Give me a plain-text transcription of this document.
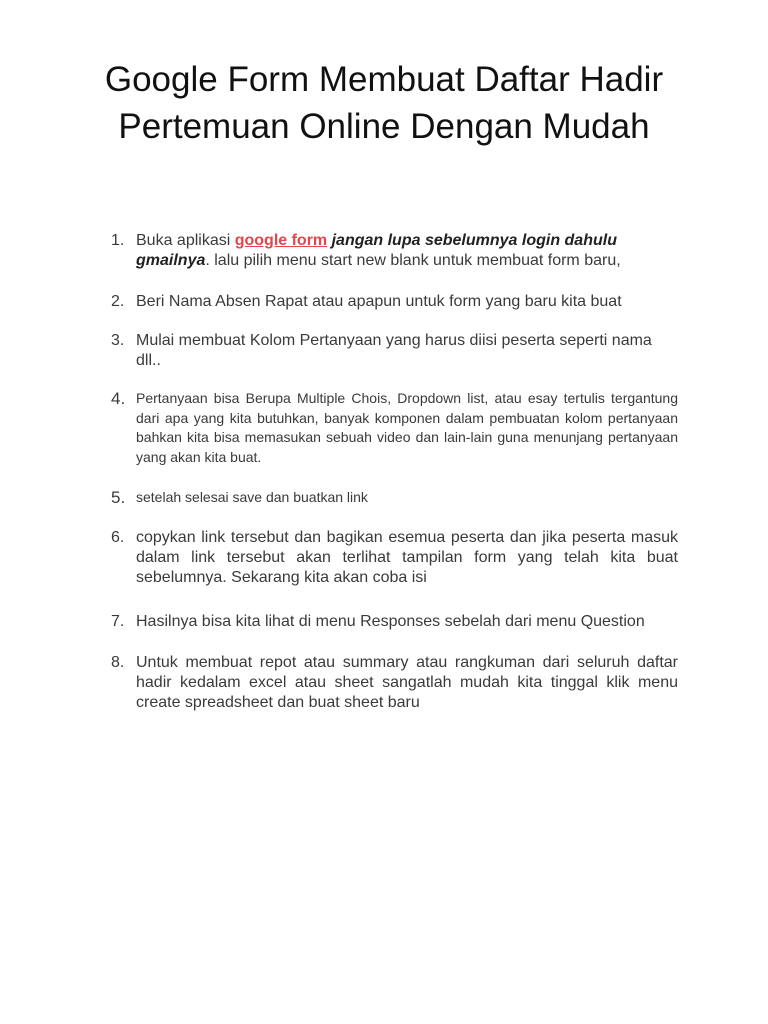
Google Form Membuat Daftar Hadir Pertemuan Online Dengan Mudah
1. Buka aplikasi google form jangan lupa sebelumnya login dahulu gmailnya. lalu pilih menu start new blank untuk membuat form baru,
2. Beri Nama Absen Rapat atau apapun untuk form yang baru kita buat
3. Mulai membuat Kolom Pertanyaan yang harus diisi peserta seperti nama dll..
4. Pertanyaan bisa Berupa Multiple Chois, Dropdown list, atau esay tertulis tergantung dari apa yang kita butuhkan, banyak komponen dalam pembuatan kolom pertanyaan bahkan kita bisa memasukan sebuah video dan lain-lain guna menunjang pertanyaan yang akan kita buat.
5. setelah selesai save dan buatkan link
6. copykan link tersebut dan bagikan esemua peserta dan jika peserta masuk dalam link tersebut akan terlihat tampilan form yang telah kita buat sebelumnya. Sekarang kita akan coba isi
7. Hasilnya bisa kita lihat di menu Responses sebelah dari menu Question
8. Untuk membuat repot atau summary atau rangkuman dari seluruh daftar hadir kedalam excel atau sheet sangatlah mudah kita tinggal klik menu create spreadsheet dan buat sheet baru
